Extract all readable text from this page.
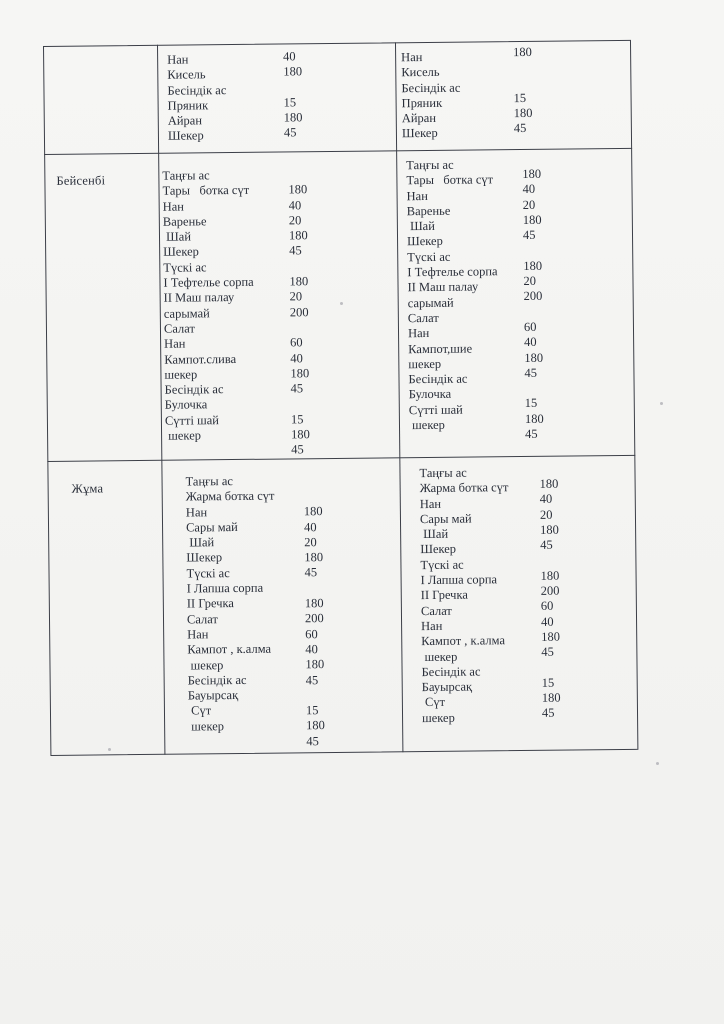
Нан
Кисель
Бесіндік ас
Пряник
Айран
Шекер
40
180
15
180
45
Нан
Кисель
Бесіндік ас
Пряник
Айран
Шекер
180
15
180
45
Бейсенбі	Таңғы ас
Тары   ботка сүт
Нан
Варенье
Шай
Шекер
Түскі ас
I Тефтелье сорпа
II Маш палау
сарымай
Салат
Нан
Кампот.слива
шекер
Бесіндік ас
Булочка
Сүтті шай
шекер
180
40
20
180
45
180
20
200
60
40
180
45
15
180
45
Таңғы ас
Тары   ботка сүт
Нан
Варенье
Шай
Шекер
Түскі ас
I Тефтелье сорпа
II Маш палау
сарымай
Салат
Нан
Кампот,шие
шекер
Бесіндік ас
Булочка
Сүтті шай
шекер
180
40
20
180
45
180
20
200
60
40
180
45
15
180
45
Жұма
Таңғы ас
Жарма ботка сүт
Нан
Сары май
Шай
Шекер
Түскі ас
I Лапша сорпа
II Гречка
Салат
Нан
Кампот , к.алма
шекер
Бесіндік ас
Бауырсақ
Сүт
шекер
180
40
20
180
45
180
200
60
40
180
45
15
180
45
Таңғы ас
Жарма ботка сүт
Нан
Сары май
Шай
Шекер
Түскі ас
I Лапша сорпа
II Гречка
Салат
Нан
Кампот , к.алма
шекер
Бесіндік ас
Бауырсақ
Сүт
шекер
180
40
20
180
45
180
200
60
40
180
45
15
180
45
